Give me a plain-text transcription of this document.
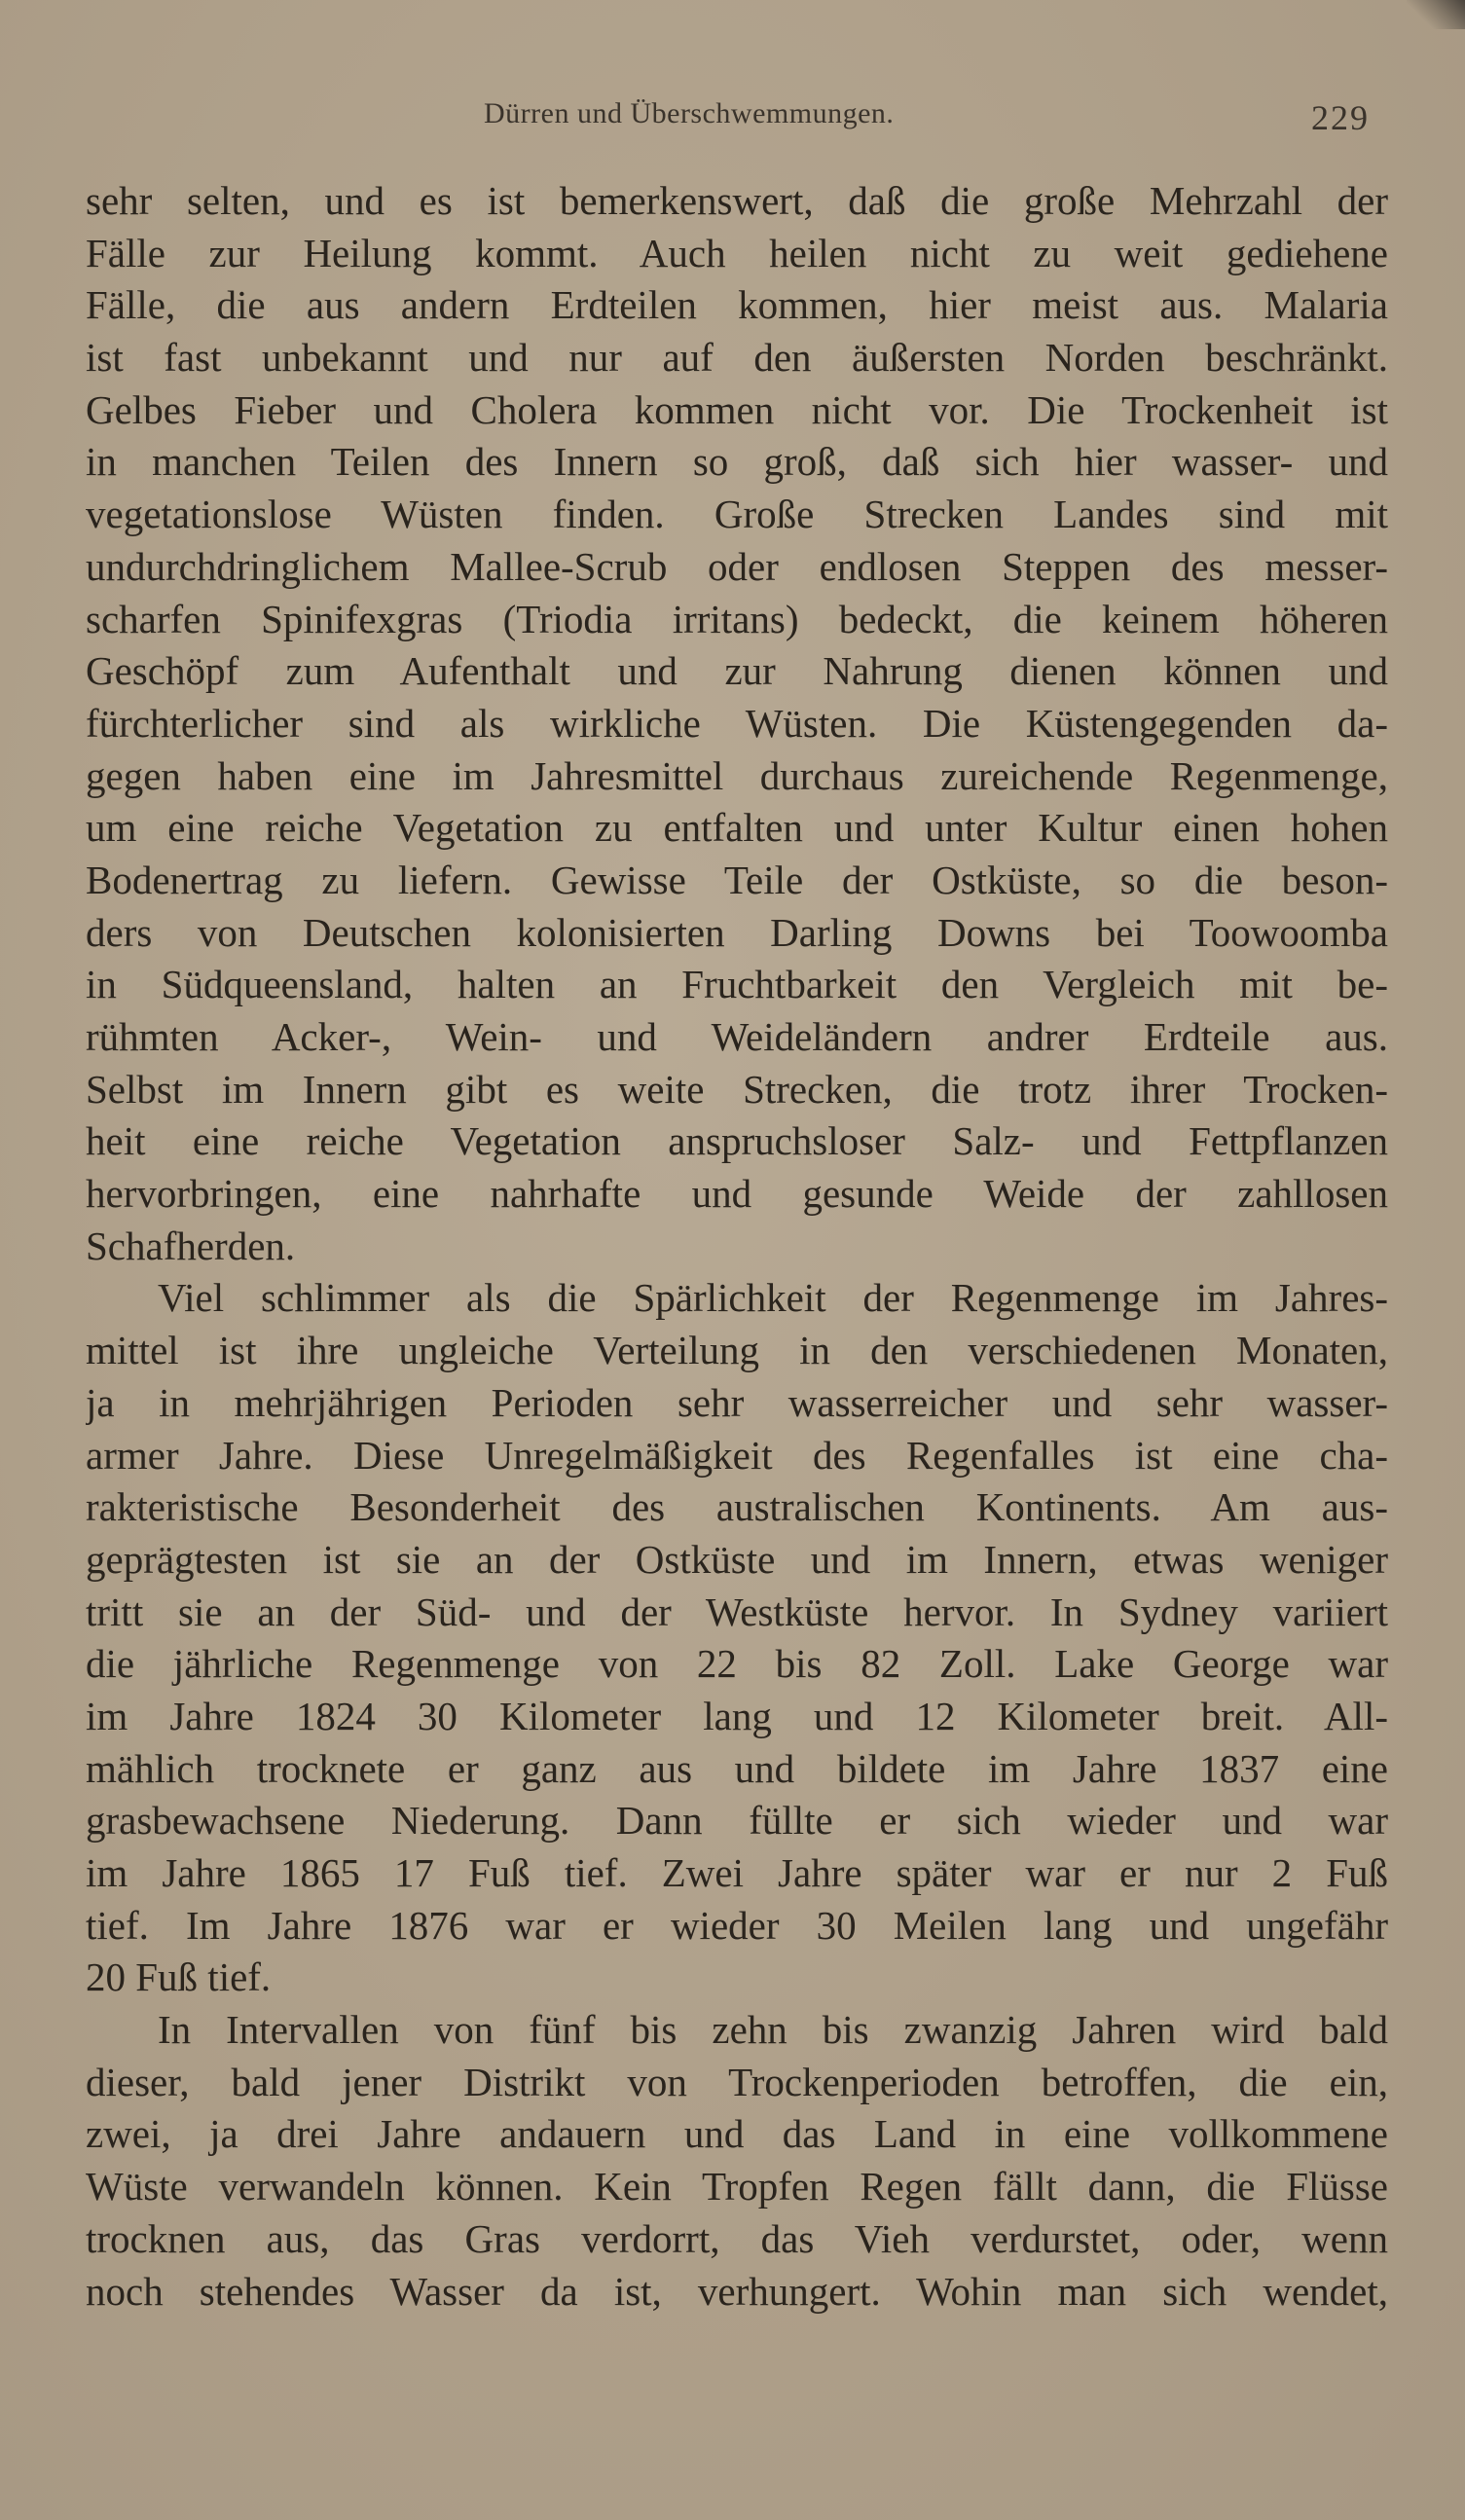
Dürren und Überschwemmungen.	229
sehr selten, und es ist bemerkenswert, daß die große Mehrzahl der
Fälle zur Heilung kommt. Auch heilen nicht zu weit gediehene
Fälle, die aus andern Erdteilen kommen, hier meist aus. Malaria
ist fast unbekannt und nur auf den äußersten Norden beschränkt.
Gelbes Fieber und Cholera kommen nicht vor. Die Trockenheit ist
in manchen Teilen des Innern so groß, daß sich hier wasser- und
vegetationslose Wüsten finden. Große Strecken Landes sind mit
undurchdringlichem Mallee-Scrub oder endlosen Steppen des messer-
scharfen Spinifexgras (Triodia irritans) bedeckt, die keinem höheren
Geschöpf zum Aufenthalt und zur Nahrung dienen können und
fürchterlicher sind als wirkliche Wüsten. Die Küstengegenden da-
gegen haben eine im Jahresmittel durchaus zureichende Regenmenge,
um eine reiche Vegetation zu entfalten und unter Kultur einen hohen
Bodenertrag zu liefern. Gewisse Teile der Ostküste, so die beson-
ders von Deutschen kolonisierten Darling Downs bei Toowoomba
in Südqueensland, halten an Fruchtbarkeit den Vergleich mit be-
rühmten Acker-, Wein- und Weideländern andrer Erdteile aus.
Selbst im Innern gibt es weite Strecken, die trotz ihrer Trocken-
heit eine reiche Vegetation anspruchsloser Salz- und Fettpflanzen
hervorbringen, eine nahrhafte und gesunde Weide der zahllosen
Schafherden.
Viel schlimmer als die Spärlichkeit der Regenmenge im Jahres-
mittel ist ihre ungleiche Verteilung in den verschiedenen Monaten,
ja in mehrjährigen Perioden sehr wasserreicher und sehr wasser-
armer Jahre. Diese Unregelmäßigkeit des Regenfalles ist eine cha-
rakteristische Besonderheit des australischen Kontinents. Am aus-
geprägtesten ist sie an der Ostküste und im Innern, etwas weniger
tritt sie an der Süd- und der Westküste hervor. In Sydney variiert
die jährliche Regenmenge von 22 bis 82 Zoll. Lake George war
im Jahre 1824 30 Kilometer lang und 12 Kilometer breit. All-
mählich trocknete er ganz aus und bildete im Jahre 1837 eine
grasbewachsene Niederung. Dann füllte er sich wieder und war
im Jahre 1865 17 Fuß tief. Zwei Jahre später war er nur 2 Fuß
tief. Im Jahre 1876 war er wieder 30 Meilen lang und ungefähr
20 Fuß tief.
In Intervallen von fünf bis zehn bis zwanzig Jahren wird bald
dieser, bald jener Distrikt von Trockenperioden betroffen, die ein,
zwei, ja drei Jahre andauern und das Land in eine vollkommene
Wüste verwandeln können. Kein Tropfen Regen fällt dann, die Flüsse
trocknen aus, das Gras verdorrt, das Vieh verdurstet, oder, wenn
noch stehendes Wasser da ist, verhungert. Wohin man sich wendet,
